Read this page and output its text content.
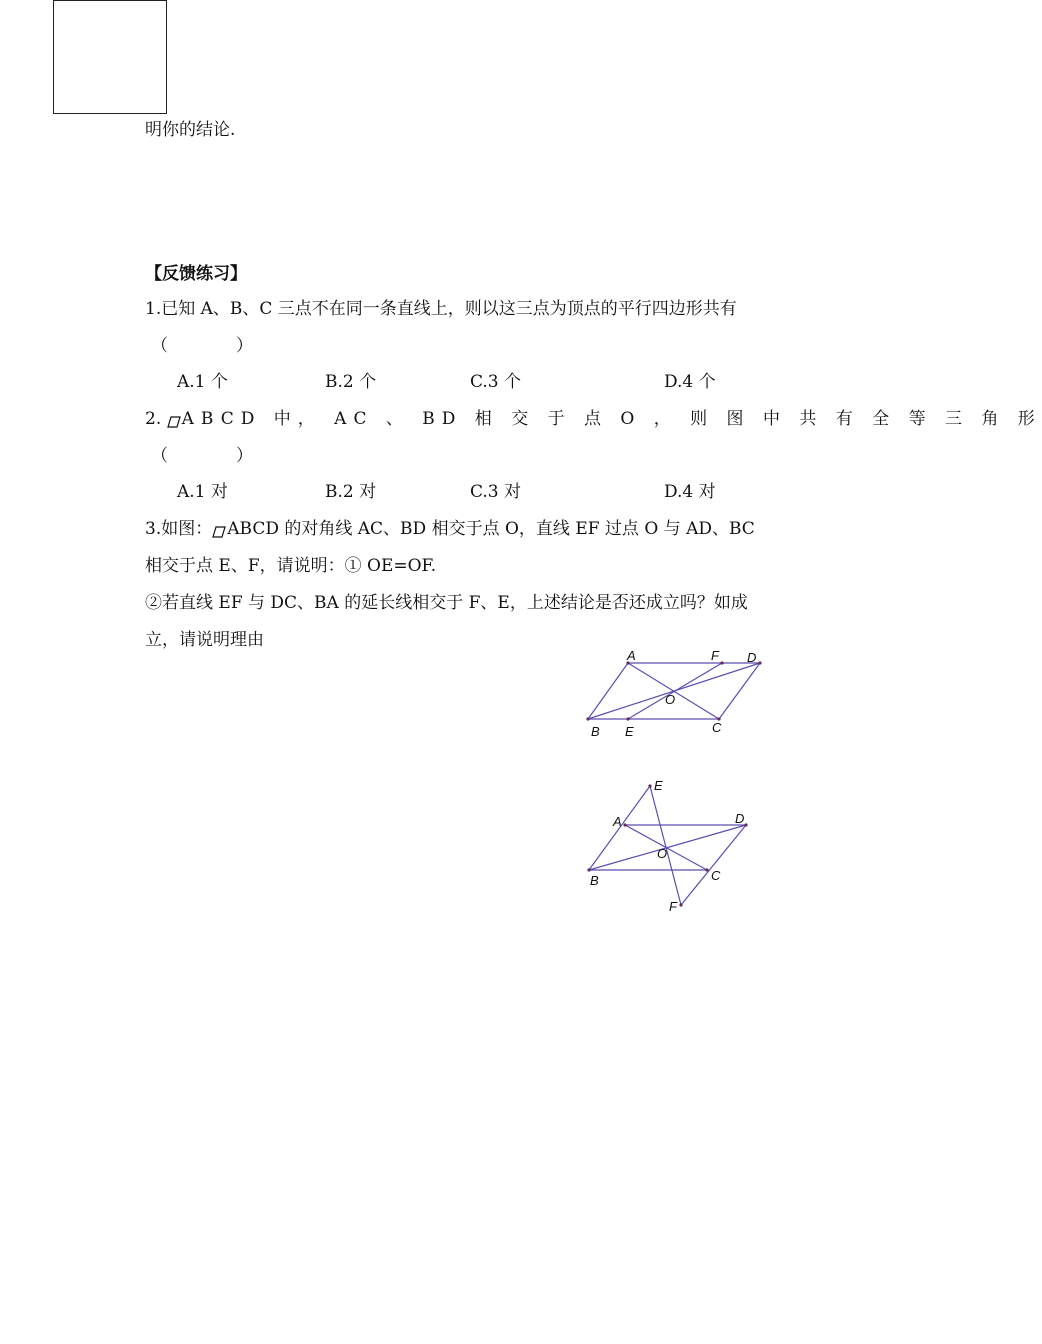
明你的结论.
【反馈练习】
1.已知 A、B、C 三点不在同一条直线上，则以这三点为顶点的平行四边形共有
（　　　　）
A.1 个	B.2 个	C.3 个	D.4 个
2. ABCD 中， AC 、 BD 相 交 于 点 O ， 则 图 中 共 有 全 等 三 角 形
（　　　　）
A.1 对	B.2 对	C.3 对	D.4 对
3.如图： ABCD 的对角线 AC、BD 相交于点 O，直线 EF 过点 O 与 AD、BC
相交于点 E、F，请说明：① OE=OF.
②若直线 EF 与 DC、BA 的延长线相交于 F、E，上述结论是否还成立吗？如成
立，请说明理由
A	F D
O
B E	C
E
A	D
O
B	C
F
